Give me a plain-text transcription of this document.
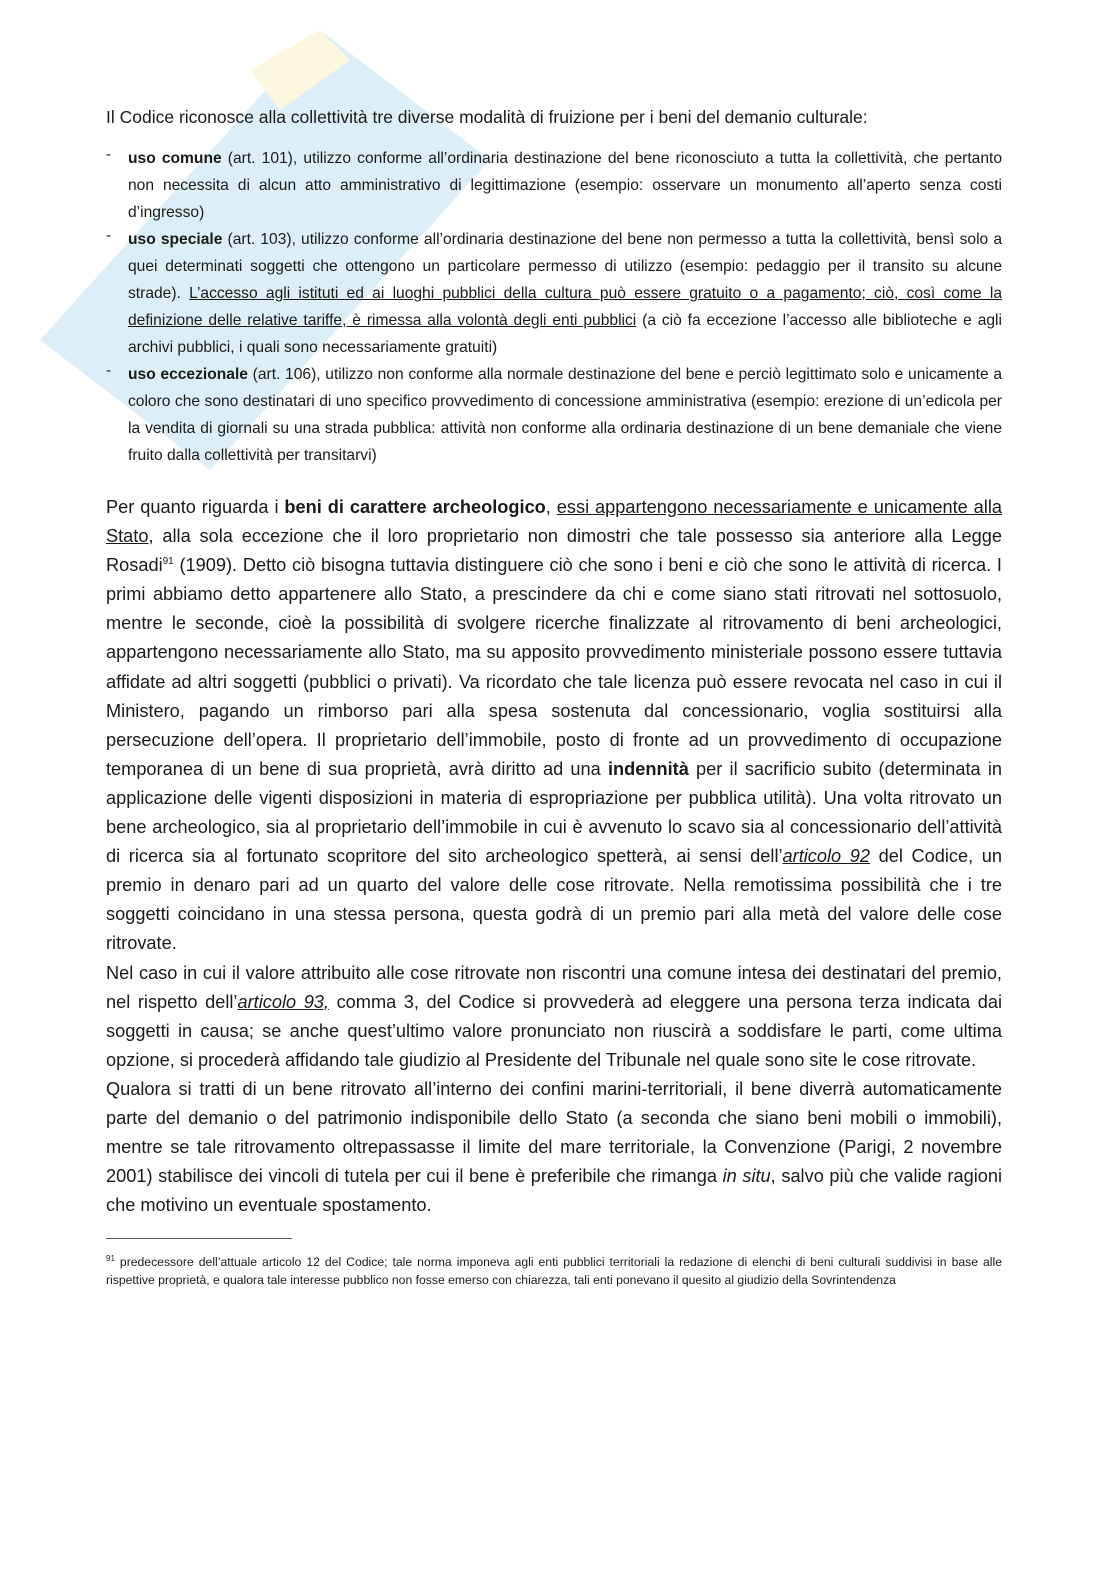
Il Codice riconosce alla collettività tre diverse modalità di fruizione per i beni del demanio culturale:

- uso comune (art. 101), utilizzo conforme all’ordinaria destinazione del bene riconosciuto a tutta la collettività, che pertanto non necessita di alcun atto amministrativo di legittimazione (esempio: osservare un monumento all’aperto senza costi d’ingresso)
- uso speciale (art. 103), utilizzo conforme all’ordinaria destinazione del bene non permesso a tutta la collettività, bensì solo a quei determinati soggetti che ottengono un particolare permesso di utilizzo (esempio: pedaggio per il transito su alcune strade). L’accesso agli istituti ed ai luoghi pubblici della cultura può essere gratuito o a pagamento; ciò, così come la definizione delle relative tariffe, è rimessa alla volontà degli enti pubblici (a ciò fa eccezione l’accesso alle biblioteche e agli archivi pubblici, i quali sono necessariamente gratuiti)
- uso eccezionale (art. 106), utilizzo non conforme alla normale destinazione del bene e perciò legittimato solo e unicamente a coloro che sono destinatari di uno specifico provvedimento di concessione amministrativa (esempio: erezione di un’edicola per la vendita di giornali su una strada pubblica: attività non conforme alla ordinaria destinazione di un bene demaniale che viene fruito dalla collettività per transitarvi)

Per quanto riguarda i beni di carattere archeologico, essi appartengono necessariamente e unicamente alla Stato, alla sola eccezione che il loro proprietario non dimostri che tale possesso sia anteriore alla Legge Rosadi$^{91}$ (1909). Detto ciò bisogna tuttavia distinguere ciò che sono i beni e ciò che sono le attività di ricerca. I primi abbiamo detto appartenere allo Stato, a prescindere da chi e come siano stati ritrovati nel sottosuolo, mentre le seconde, cioè la possibilità di svolgere ricerche finalizzate al ritrovamento di beni archeologici, appartengono necessariamente allo Stato, ma su apposito provvedimento ministeriale possono essere tuttavia affidate ad altri soggetti (pubblici o privati). Va ricordato che tale licenza può essere revocata nel caso in cui il Ministero, pagando un rimborso pari alla spesa sostenuta dal concessionario, voglia sostituirsi alla persecuzione dell’opera. Il proprietario dell’immobile, posto di fronte ad un provvedimento di occupazione temporanea di un bene di sua proprietà, avrà diritto ad una indennità per il sacrificio subito (determinata in applicazione delle vigenti disposizioni in materia di espropriazione per pubblica utilità). Una volta ritrovato un bene archeologico, sia al proprietario dell’immobile in cui è avvenuto lo scavo sia al concessionario dell’attività di ricerca sia al fortunato scopritore del sito archeologico spetterà, ai sensi dell’articolo 92 del Codice, un premio in denaro pari ad un quarto del valore delle cose ritrovate. Nella remotissima possibilità che i tre soggetti coincidano in una stessa persona, questa godrà di un premio pari alla metà del valore delle cose ritrovate.

Nel caso in cui il valore attribuito alle cose ritrovate non riscontri una comune intesa dei destinatari del premio, nel rispetto dell’articolo 93, comma 3, del Codice si provvederà ad eleggere una persona terza indicata dai soggetti in causa; se anche quest’ultimo valore pronunciato non riuscirà a soddisfare le parti, come ultima opzione, si procederà affidando tale giudizio al Presidente del Tribunale nel quale sono site le cose ritrovate.

Qualora si tratti di un bene ritrovato all’interno dei confini marini-territoriali, il bene diverrà automaticamente parte del demanio o del patrimonio indisponibile dello Stato (a seconda che siano beni mobili o immobili), mentre se tale ritrovamento oltrepassasse il limite del mare territoriale, la Convenzione (Parigi, 2 novembre 2001) stabilisce dei vincoli di tutela per cui il bene è preferibile che rimanga in situ, salvo più che valide ragioni che motivino un eventuale spostamento.

$^{91}$ predecessore dell’attuale articolo 12 del Codice; tale norma imponeva agli enti pubblici territoriali la redazione di elenchi di beni culturali suddivisi in base alle rispettive proprietà, e qualora tale interesse pubblico non fosse emerso con chiarezza, tali enti ponevano il quesito al giudizio della Sovrintendenza
